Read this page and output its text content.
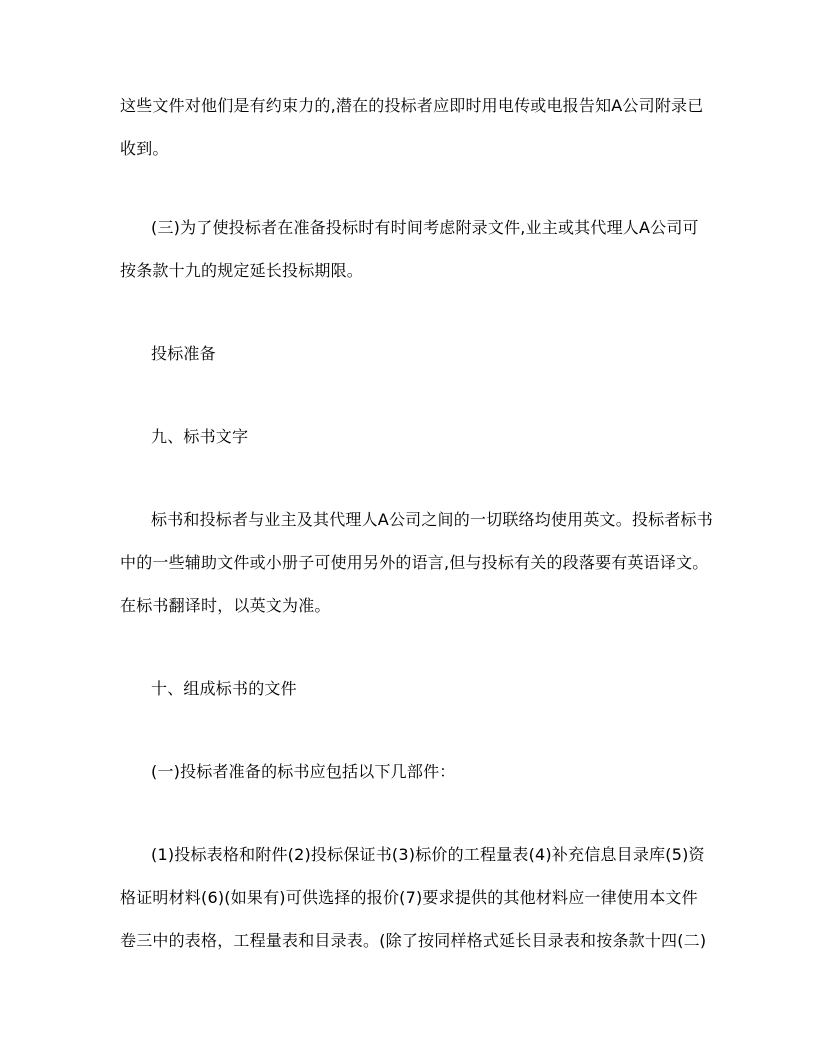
这些文件对他们是有约束力的,潜在的投标者应即时用电传或电报告知A公司附录已
收到。
(三)为了使投标者在准备投标时有时间考虑附录文件,业主或其代理人A公司可
按条款十九的规定延长投标期限。
投标准备
九、标书文字
标书和投标者与业主及其代理人A公司之间的一切联络均使用英文。投标者标书
中的一些辅助文件或小册子可使用另外的语言,但与投标有关的段落要有英语译文。
在标书翻译时，以英文为准。
十、组成标书的文件
(一)投标者准备的标书应包括以下几部件：
(1)投标表格和附件(2)投标保证书(3)标价的工程量表(4)补充信息目录库(5)资
格证明材料(6)(如果有)可供选择的报价(7)要求提供的其他材料应一律使用本文件
卷三中的表格，工程量表和目录表。(除了按同样格式延长目录表和按条款十四(二)
